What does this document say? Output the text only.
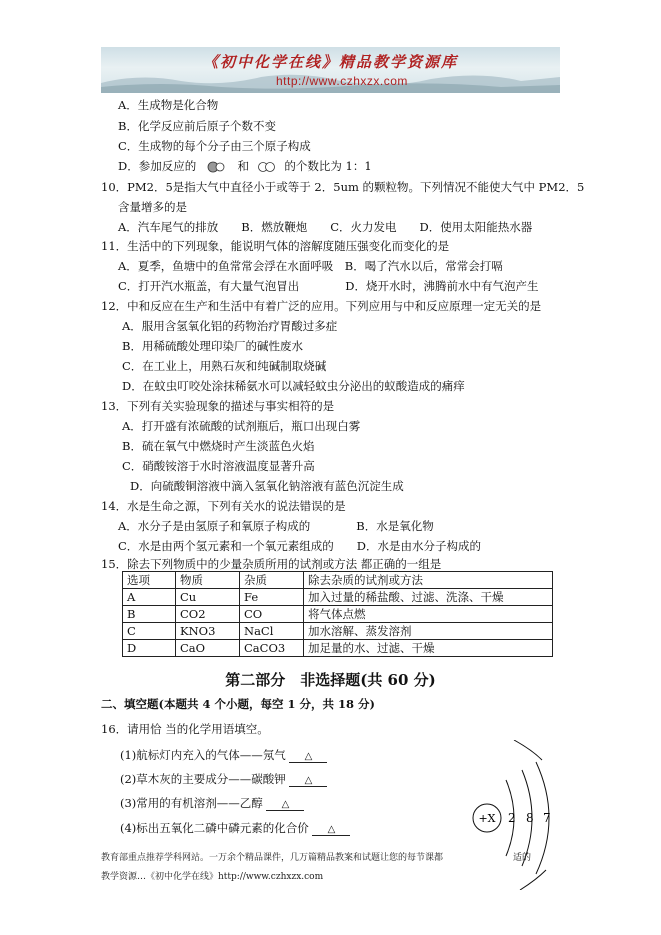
《初中化学在线》精品教学资源库
http://www.czhxzx.com
A．生成物是化合物
B．化学反应前后原子个数不变
C．生成物的每个分子由三个原子构成
D．参加反应的	和	的个数比为 1：1
10．PM2．5是指大气中直径小于或等于 2．5um 的颗粒物。下列情况不能使大气中 PM2．5
含量增多的是
A．汽车尾气的排放　　B．燃放鞭炮　　C．火力发电　　D．使用太阳能热水器
11．生活中的下列现象，能说明气体的溶解度随压强变化而变化的是
A．夏季，鱼塘中的鱼常常会浮在水面呼吸　B．喝了汽水以后，常常会打嗝
C．打开汽水瓶盖，有大量气泡冒出　　　　D．烧开水时，沸腾前水中有气泡产生
12．中和反应在生产和生活中有着广泛的应用。下列应用与中和反应原理一定无关的是
A．服用含氢氧化铝的药物治疗胃酸过多症
B．用稀硫酸处理印染厂的碱性废水
C．在工业上，用熟石灰和纯碱制取烧碱
D．在蚊虫叮咬处涂抹稀氨水可以减轻蚊虫分泌出的蚁酸造成的痛痒
13．下列有关实验现象的描述与事实相符的是
A．打开盛有浓硫酸的试剂瓶后，瓶口出现白雾
B．硫在氧气中燃烧时产生淡蓝色火焰
C．硝酸铵溶于水时溶液温度显著升高
D．向硫酸铜溶液中滴入氢氧化钠溶液有蓝色沉淀生成
14．水是生命之源，下列有关水的说法错误的是
A．水分子是由氢原子和氧原子构成的　　　　B．水是氧化物
C．水是由两个氢元素和一个氧元素组成的　　D．水是由水分子构成的
15．除去下列物质中的少量杂质所用的试剂或方法 都正确的一组是
选项	物质	杂质	除去杂质的试剂或方法
A	Cu	Fe	加入过量的稀盐酸、过滤、洗涤、干燥
B	CO2	CO	将气体点燃
C	KNO3	NaCl	加水溶解、蒸发溶剂
D	CaO	CaCO3	加足量的水、过滤、干燥
第二部分　非选择题(共 60 分)
二、填空题(本题共 4 个小题，每空 1 分，共 18 分)
16．请用恰 当的化学用语填空。
(1)航标灯内充入的气体——氖气 △
(2)草木灰的主要成分——碳酸钾 △
(3)常用的有机溶剂——乙醇 △
(4)标出五氧化二磷中磷元素的化合价 △
+X 2 8 7
教育部重点推荐学科网站。一万余个精品课件，几万篇精品教案和试题让您的每节课都	适的
教学资源…《初中化学在线》http://www.czhxzx.com
